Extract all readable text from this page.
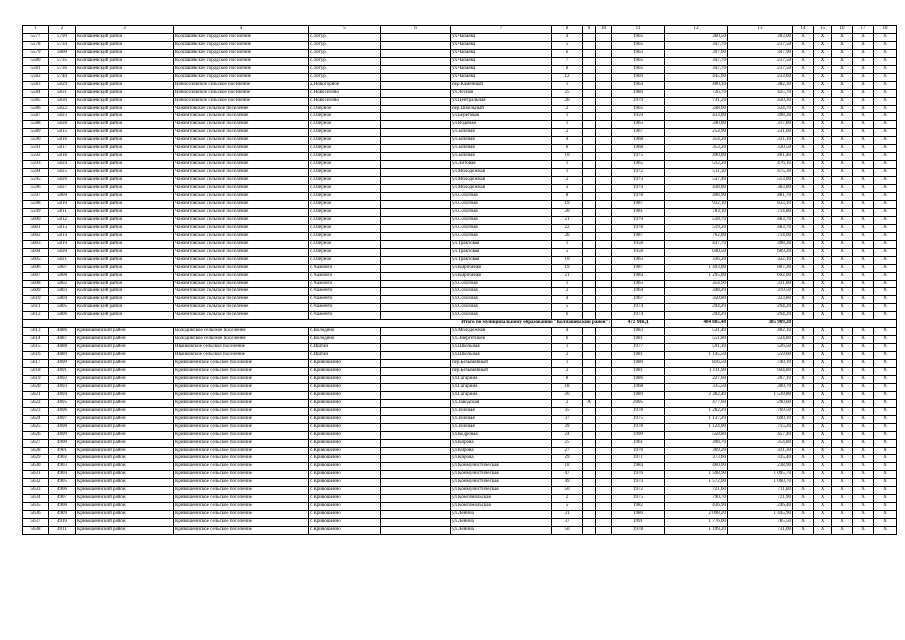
1	2	3	4	5	6	7	8	9	10	11	12	13	14	15	16	17	18
5577	5799	Колпашевский район	Колпашевское городское поселение	с.Тогур		ул.Чапаева	4			1965	360,50	303,00	X	X	X	X	X
5578	5734	Колпашевский район	Колпашевское городское поселение	с.Тогур		ул.Чапаева	5			1965	347,70	237,50	X	X	X	X	X
5579	5800	Колпашевский район	Колпашевское городское поселение	с.Тогур		ул.Чапаева	6			1963	397,00	347,90	X	X	X	X	X
5580	5735	Колпашевский район	Колпашевское городское поселение	с.Тогур		ул.Чапаева	7			1965	347,70	237,50	X	X	X	X	X
5581	5736	Колпашевский район	Колпашевское городское поселение	с.Тогур		ул.Чапаева	8			1965	347,70	237,50	X	X	X	X	X
5582	5740	Колпашевский район	Колпашевское городское поселение	с.Тогур		ул.Чапаева	12			1969	445,60	233,60	X	X	X	X	X
5583	5829	Колпашевский район	Новоселовское сельское поселение	д.Новогорное		пер.Каменный	1			1964	400,10	382,30	X	X	X	X	X
5584	5831	Колпашевский район	Новоселовское сельское поселение	с.Новоселово		ул.Лесная	25			1980	726,70	425,70	X	X	X	X	X
5585	5830	Колпашевский район	Новоселовское сельское поселение	с.Новоселово		ул.Центральная	26			1979	731,20	430,30	X	X	X	X	X
5586	5822	Колпашевский район	Чажемтовское сельское поселение	с.Озерное		пер.Школьный	2			1965	348,00	324,70	X	X	X	X	X
5587	5823	Колпашевский район	Чажемтовское сельское поселение	с.Озерное		ул.Береговая	1			1959	433,00	398,30	X	X	X	X	X
5588	5828	Колпашевский район	Чажемтовское сельское поселение	с.Озерное		ул.Водяная	1			1963	340,80	317,80	X	X	X	X	X
5589	5815	Колпашевский район	Чажемтовское сельское поселение	с.Озерное		ул.Зеленая	2			1967	254,90	231,60	X	X	X	X	X
5590	5816	Колпашевский район	Чажемтовское сельское поселение	с.Озерное		ул.Зеленая	4			1968	354,20	331,10	X	X	X	X	X
5591	5817	Колпашевский район	Чажемтовское сельское поселение	с.Озерное		ул.Зеленая	6			1968	353,20	330,50	X	X	X	X	X
5592	5818	Колпашевский район	Чажемтовское сельское поселение	с.Озерное		ул.Зеленая	10			1975	490,00	461,40	X	X	X	X	X
5593	5824	Колпашевский район	Чажемтовское сельское поселение	с.Озерное		ул.Литовая	1			1965	512,20	476,10	X	X	X	X	X
5594	5825	Колпашевский район	Чажемтовское сельское поселение	с.Озерное		ул.Молодежная	1			1972	511,30	475,30	X	X	X	X	X
5595	5826	Колпашевский район	Чажемтовское сельское поселение	с.Озерное		ул.Молодежная	2			1973	537,40	513,00	X	X	X	X	X
5596	5827	Колпашевский район	Чажемтовское сельское поселение	с.Озерное		ул.Молодежная	3			1974	438,80	383,80	X	X	X	X	X
5597	5809	Колпашевский район	Чажемтовское сельское поселение	с.Озерное		ул.Сохозная	8			1978	498,90	481,70	X	X	X	X	X
5598	5810	Колпашевский район	Чажемтовское сельское поселение	с.Озерное		ул.Сохозная	19			1987	932,10	833,10	X	X	X	X	X
5599	5811	Колпашевский район	Чажемтовское сельское поселение	с.Озерное		ул.Сохозная	20			1981	783,10	714,80	X	X	X	X	X
5600	5812	Колпашевский район	Чажемтовское сельское поселение	с.Озерное		ул.Сохозная	21			1979	518,70	483,70	X	X	X	X	X
5601	5813	Колпашевский район	Чажемтовское сельское поселение	с.Озерное		ул.Сохозная	22			1978	519,20	483,70	X	X	X	X	X
5602	5814	Колпашевский район	Чажемтовское сельское поселение	с.Озерное		ул.Сохозная	26			1987	762,00	714,00	X	X	X	X	X
5603	5819	Колпашевский район	Чажемтовское сельское поселение	с.Озерное		ул.Трактовая	1			1958	437,70	398,30	X	X	X	X	X
5604	5820	Колпашевский район	Чажемтовское сельское поселение	с.Озерное		ул.Трактовая	5			1958	640,50	609,20	X	X	X	X	X
5605	5821	Колпашевский район	Чажемтовское сельское поселение	с.Озерное		ул.Трактовая	10			1963	336,20	322,10	X	X	X	X	X
5606	5807	Колпашевский район	Чажемтовское сельское поселение	с.Чажемто		ул.Кириченко	19			1987	1 493,00	807,30	X	X	X	X	X
5607	5808	Колпашевский район	Чажемтовское сельское поселение	с.Чажемто		ул.Кириченко	21			1984	1 295,00	692,00	X	X	X	X	X
5608	5802	Колпашевский район	Чажемтовское сельское поселение	с.Чажемто		ул.Сохозная	1			1963	354,90	331,80	X	X	X	X	X
5609	5803	Колпашевский район	Чажемтовское сельское поселение	с.Чажемто		ул.Сохозная	2			1964	348,20	319,50	X	X	X	X	X
5610	5804	Колпашевский район	Чажемтовское сельское поселение	с.Чажемто		ул.Сохозная	4			1967	350,80	323,80	X	X	X	X	X
5611	5805	Колпашевский район	Чажемтовское сельское поселение	с.Чажемто		ул.Сохозная	5			1974	294,20	294,20	X	X	X	X	X
5612	5806	Колпашевский район	Чажемтовское сельское поселение	с.Чажемто		ул.Сохозная	6			1974	294,20	294,20	X	X	X	X	X
Итого по муниципальному образованию "Колпашевский район":										472 МКД	484 885,48	385 989,20					
5613	4886	Кривошеинский район	Володинское сельское поселение	с.Володино		ул.Молодежная	4			1983	531,40	482,10	X	X	X	X	X
5614	4887	Кривошеинский район	Володинское сельское поселение	с.Володино		ул.Энергетиков	6			1981	551,80	524,80	X	X	X	X	X
5615	4888	Кривошеинский район	Иванковское сельское поселение	с.Иштан		ул.Школьная	1			1977	591,10	526,50	X	X	X	X	X
5616	4889	Кривошеинский район	Иванковское сельское поселение	с.Иштан		ул.Школьная	2			1981	1 145,50	559,60	X	X	X	X	X
5617	4890	Кривошеинский район	Кривошеинское сельское поселение	с.Кривошеино		пер.Безымянный	1			1980	816,50	740,10	X	X	X	X	X
5618	4891	Кривошеинский район	Кривошеинское сельское поселение	с.Кривошеино		пер.Безымянный	2			1981	1 111,90	944,80	X	X	X	X	X
5619	4892	Кривошеинский район	Кривошеинское сельское поселение	с.Кривошеино		ул.Гагарина	8			1986	227,60	207,10	X	X	X	X	X
5620	4893	Кривошеинский район	Кривошеинское сельское поселение	с.Кривошеино		ул.Гагарина	18			1968	335,50	300,70	X	X	X	X	X
5621	4894	Кривошеинский район	Кривошеинское сельское поселение	с.Кривошеино		ул.Гагарина	26			1989	2 382,40	1 539,80	X	X	X	X	X
5622	4895	Кривошеинский район	Кривошеинское сельское поселение	с.Кривошеино		ул.Заводская	2	А		2005	477,60	290,60	X	X	X	X	X
5623	4896	Кривошеинский район	Кривошеинское сельское поселение	с.Кривошеино		ул.Зеленая	35			1978	1 282,20	769,50	X	X	X	X	X
5624	4897	Кривошеинский район	Кривошеинское сельское поселение	с.Кривошеино		ул.Зеленая	37			1975	1 137,20	690,10	X	X	X	X	X
5625	4898	Кривошеинский район	Кривошеинское сельское поселение	с.Кривошеино		ул.Зеленая	39			1978	1 124,00	715,20	X	X	X	X	X
5626	4899	Кривошеинский район	Кривошеинское сельское поселение	с.Кривошеино		ул.Кедровая	24			1990	558,80	457,40	X	X	X	X	X
5627	4900	Кривошеинский район	Кривошеинское сельское поселение	с.Кривошеино		ул.Кирова	25			1961	398,70	354,80	X	X	X	X	X
5628	4901	Кривошеинский район	Кривошеинское сельское поселение	с.Кривошеино		ул.Кирова	27			1970	369,20	331,30	X	X	X	X	X
5629	4902	Кривошеинский район	Кривошеинское сельское поселение	с.Кривошеино		ул.Кирова	29			1971	373,60	335,40	X	X	X	X	X
5630	4903	Кривошеинский район	Кривошеинское сельское поселение	с.Кривошеино		ул.Коммунистическая	18			1984	460,00	238,90	X	X	X	X	X
5631	4904	Кривошеинский район	Кривошеинское сельское поселение	с.Кривошеино		ул.Коммунистическая	47			1976	1 598,90	1 095,70	X	X	X	X	X
5632	4905	Кривошеинский район	Кривошеинское сельское поселение	с.Кривошеино		ул.Коммунистическая	49			1974	1 572,00	1 060,70	X	X	X	X	X
5633	4906	Кривошеинский район	Кривошеинское сельское поселение	с.Кривошеино		ул.Коммунистическая	50			1972	721,60	711,80	X	X	X	X	X
5634	4907	Кривошеинский район	Кривошеинское сельское поселение	с.Кривошеино		ул.Комсомольская	2			1975	790,70	721,90	X	X	X	X	X
5635	4908	Кривошеинский район	Кривошеинское сельское поселение	с.Кривошеино		ул.Комсомольская	5			1982	436,90	246,40	X	X	X	X	X
5636	4909	Кривошеинский район	Кривошеинское сельское поселение	с.Кривошеино		ул.Ленина	31			1980	2 098,20	1 445,90	X	X	X	X	X
5637	4910	Кривошеинский район	Кривошеинское сельское поселение	с.Кривошеино		ул.Ленина	37			1991	1 776,00	785,50	X	X	X	X	X
5638	4911	Кривошеинский район	Кривошеинское сельское поселение	с.Кривошеино		ул.Ленина	50			1978	1 199,20	731,00	X	X	X	X	X
